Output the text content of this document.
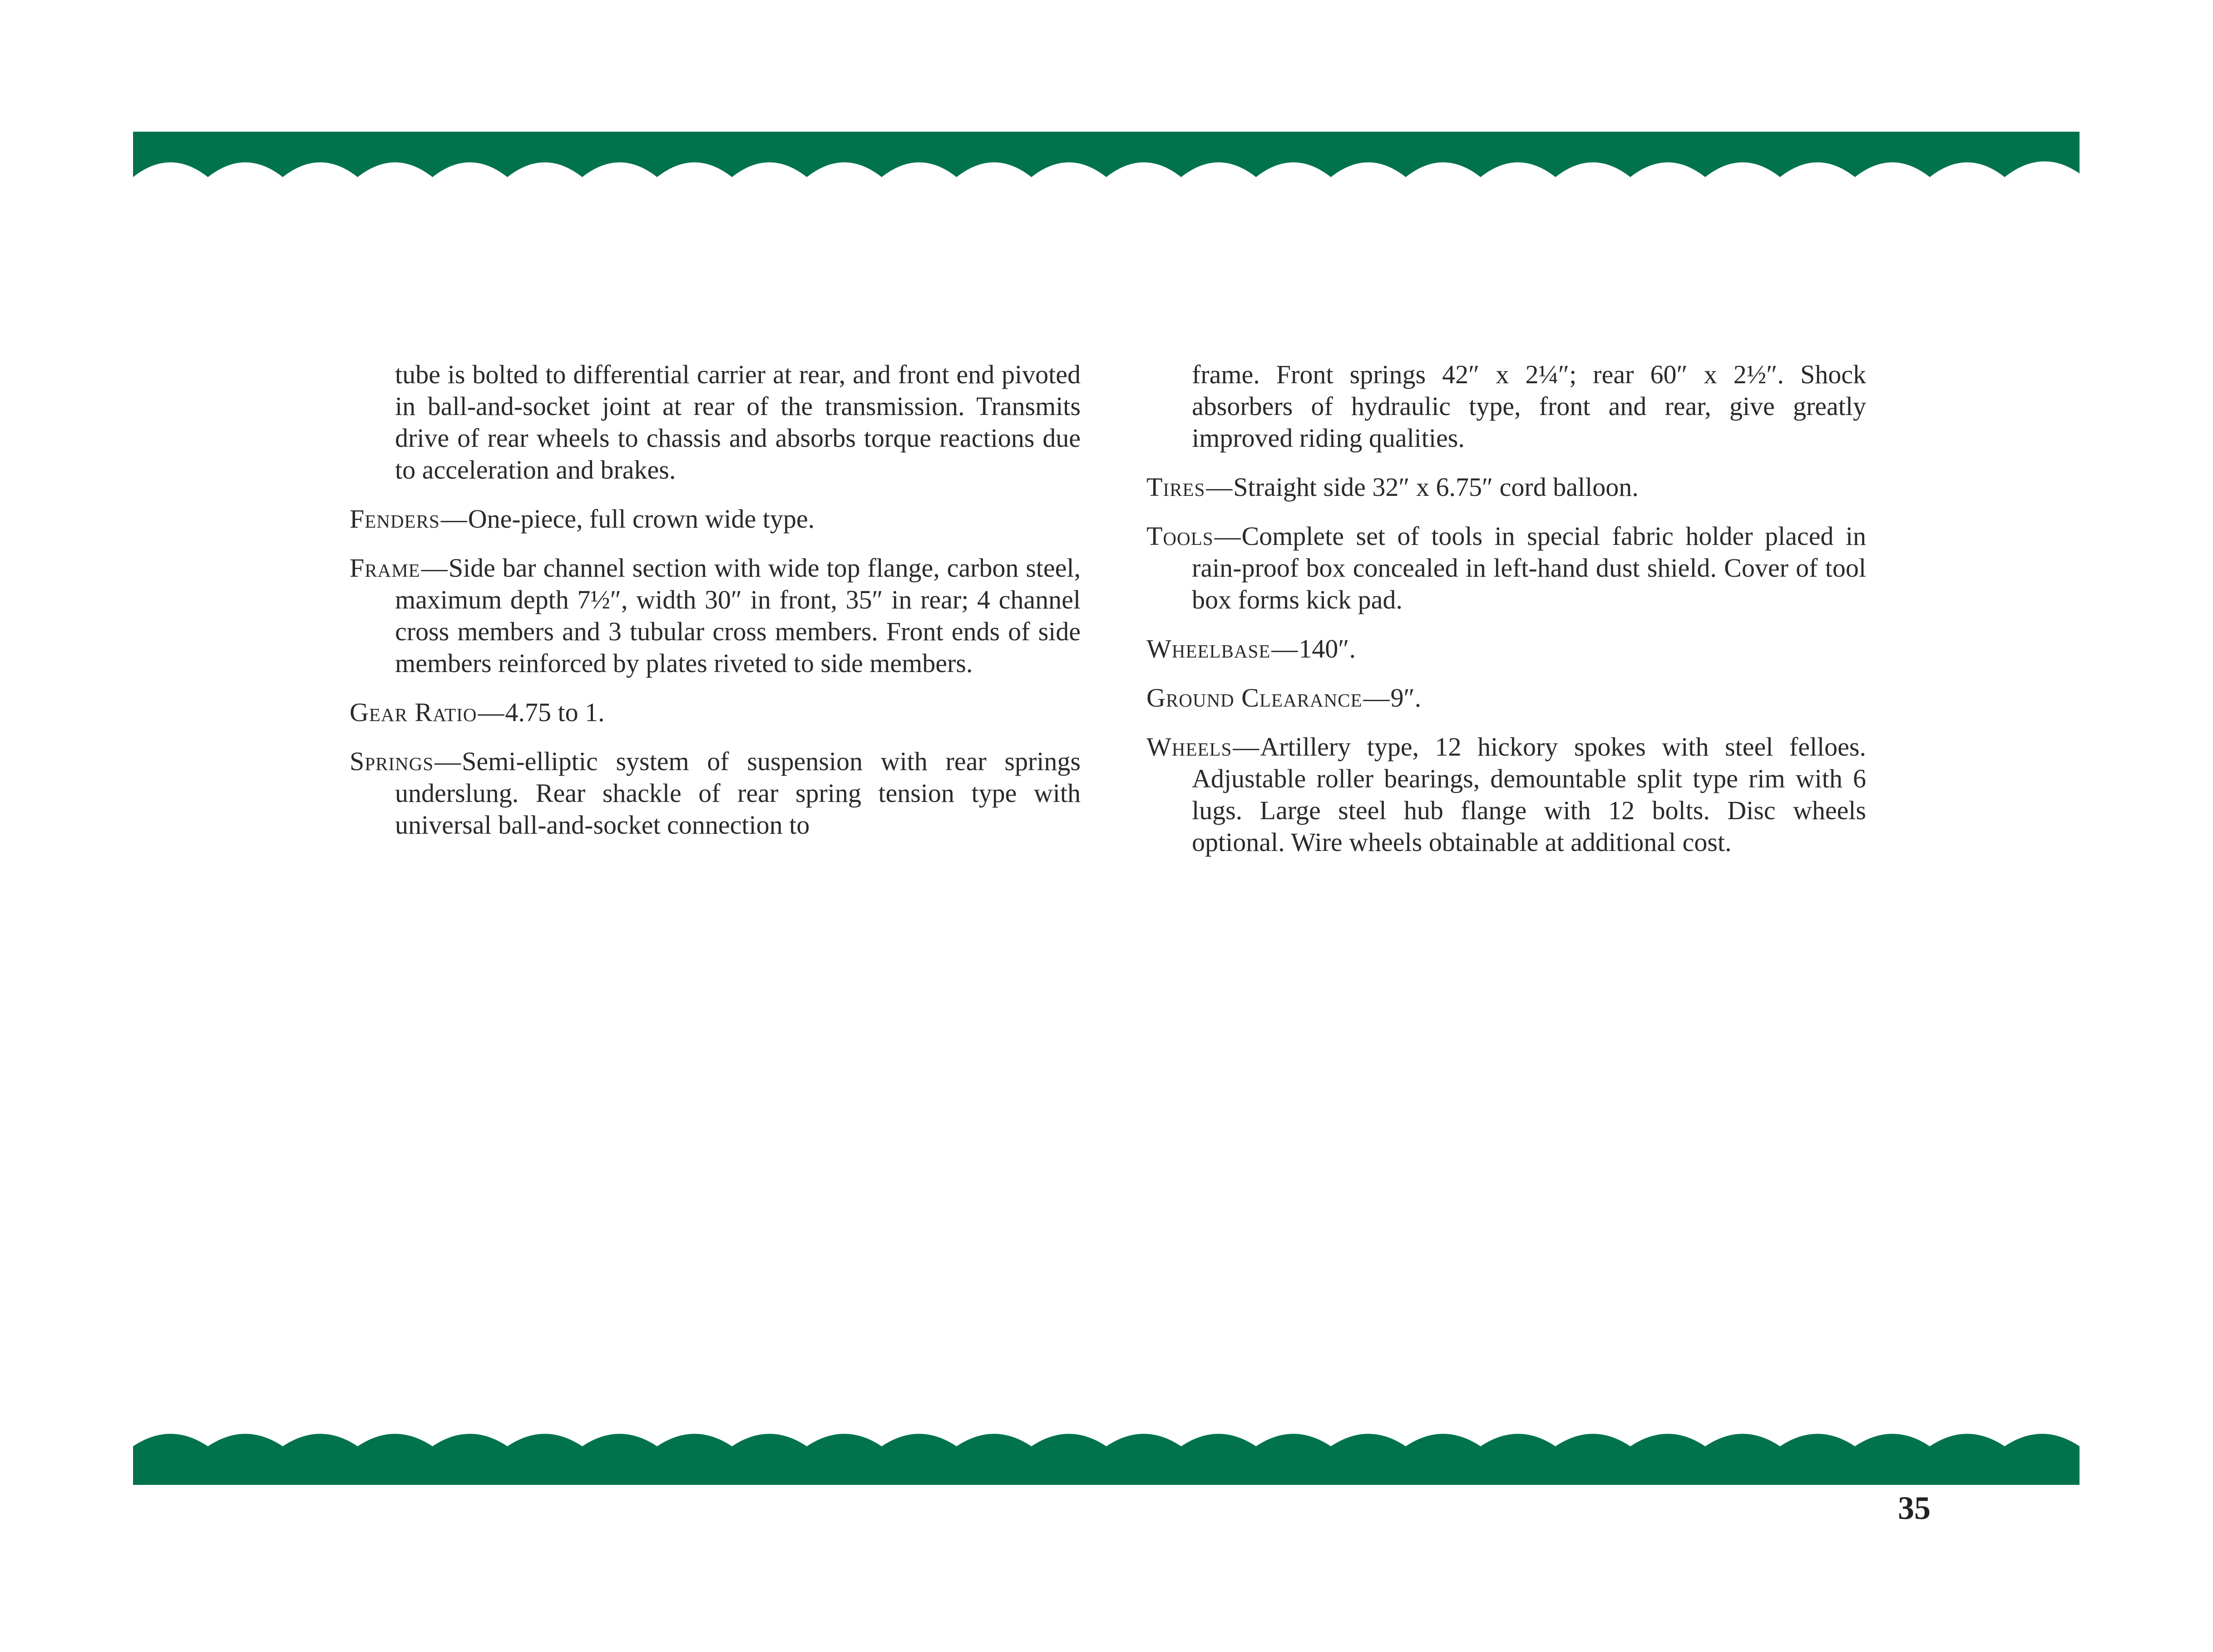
tube is bolted to differential carrier at rear, and front end pivoted in ball-and-socket joint at rear of the transmission. Transmits drive of rear wheels to chassis and absorbs torque reactions due to acceleration and brakes.

Fenders—One-piece, full crown wide type.

Frame—Side bar channel section with wide top flange, carbon steel, maximum depth 7½″, width 30″ in front, 35″ in rear; 4 channel cross members and 3 tubular cross members. Front ends of side members reinforced by plates riveted to side members.

Gear Ratio—4.75 to 1.

Springs—Semi-elliptic system of suspension with rear springs underslung. Rear shackle of rear spring tension type with universal ball-and-socket connection to

frame. Front springs 42″ x 2¼″; rear 60″ x 2½″. Shock absorbers of hydraulic type, front and rear, give greatly improved riding qualities.

Tires—Straight side 32″ x 6.75″ cord balloon.

Tools—Complete set of tools in special fabric holder placed in rain-proof box concealed in left-hand dust shield. Cover of tool box forms kick pad.

Wheelbase—140″.

Ground Clearance—9″.

Wheels—Artillery type, 12 hickory spokes with steel felloes. Adjustable roller bearings, demountable split type rim with 6 lugs. Large steel hub flange with 12 bolts. Disc wheels optional. Wire wheels obtainable at additional cost.

35
